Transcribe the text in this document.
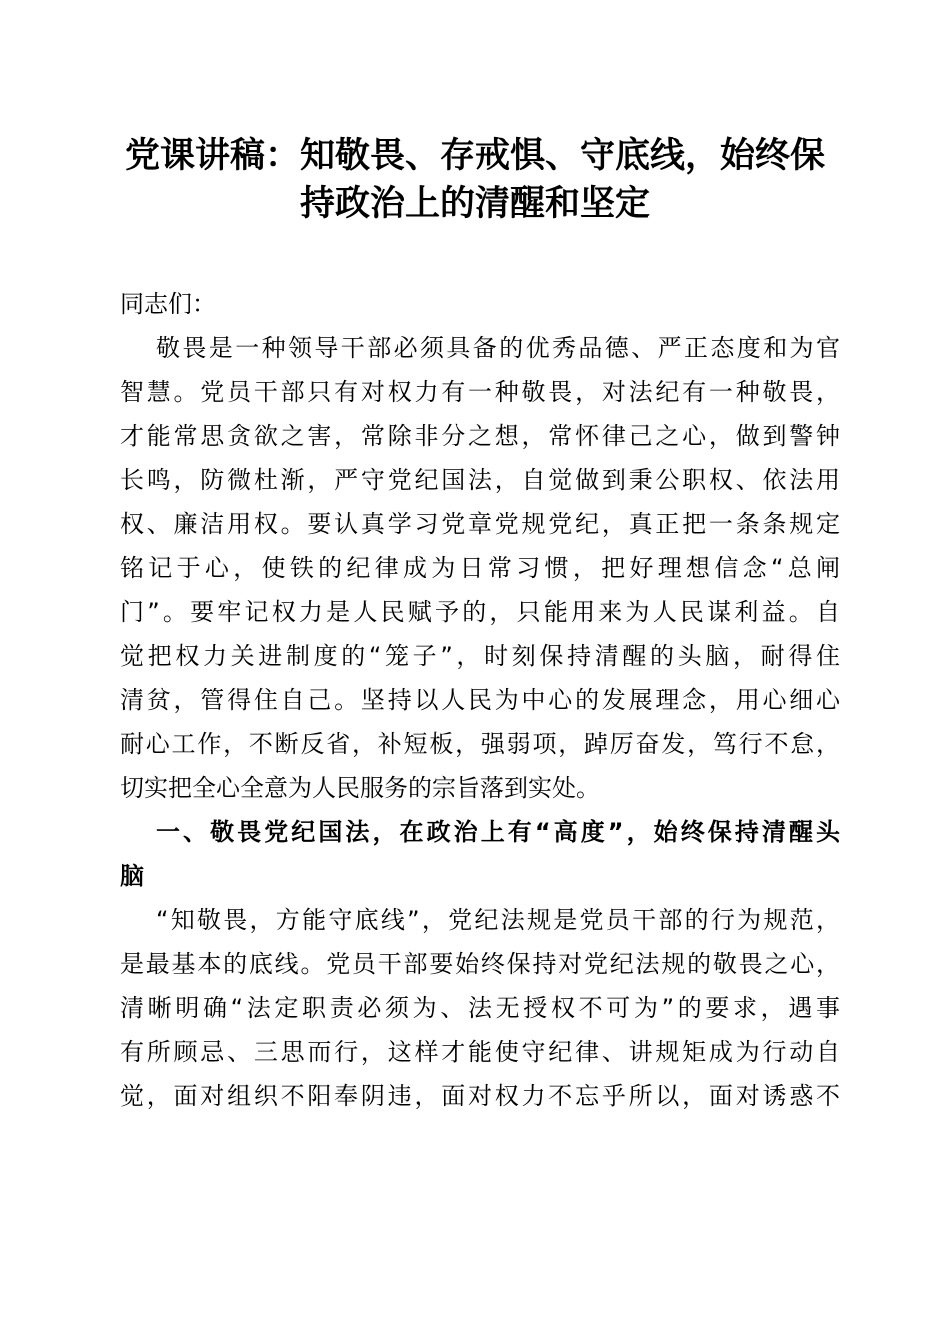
党课讲稿：知敬畏、存戒惧、守底线，始终保
持政治上的清醒和坚定
同志们：
敬畏是一种领导干部必须具备的优秀品德、严正态度和为官
智慧。党员干部只有对权力有一种敬畏，对法纪有一种敬畏，
才能常思贪欲之害，常除非分之想，常怀律己之心，做到警钟
长鸣，防微杜渐，严守党纪国法，自觉做到秉公职权、依法用
权、廉洁用权。要认真学习党章党规党纪，真正把一条条规定
铭记于心，使铁的纪律成为日常习惯，把好理想信念“总闸
门”。要牢记权力是人民赋予的，只能用来为人民谋利益。自
觉把权力关进制度的“笼子”，时刻保持清醒的头脑，耐得住
清贫，管得住自己。坚持以人民为中心的发展理念，用心细心
耐心工作，不断反省，补短板，强弱项，踔厉奋发，笃行不怠，
切实把全心全意为人民服务的宗旨落到实处。
一、敬畏党纪国法，在政治上有“高度”，始终保持清醒头
脑
“知敬畏，方能守底线”，党纪法规是党员干部的行为规范，
是最基本的底线。党员干部要始终保持对党纪法规的敬畏之心，
清晰明确“法定职责必须为、法无授权不可为”的要求，遇事
有所顾忌、三思而行，这样才能使守纪律、讲规矩成为行动自
觉，面对组织不阳奉阴违，面对权力不忘乎所以，面对诱惑不
